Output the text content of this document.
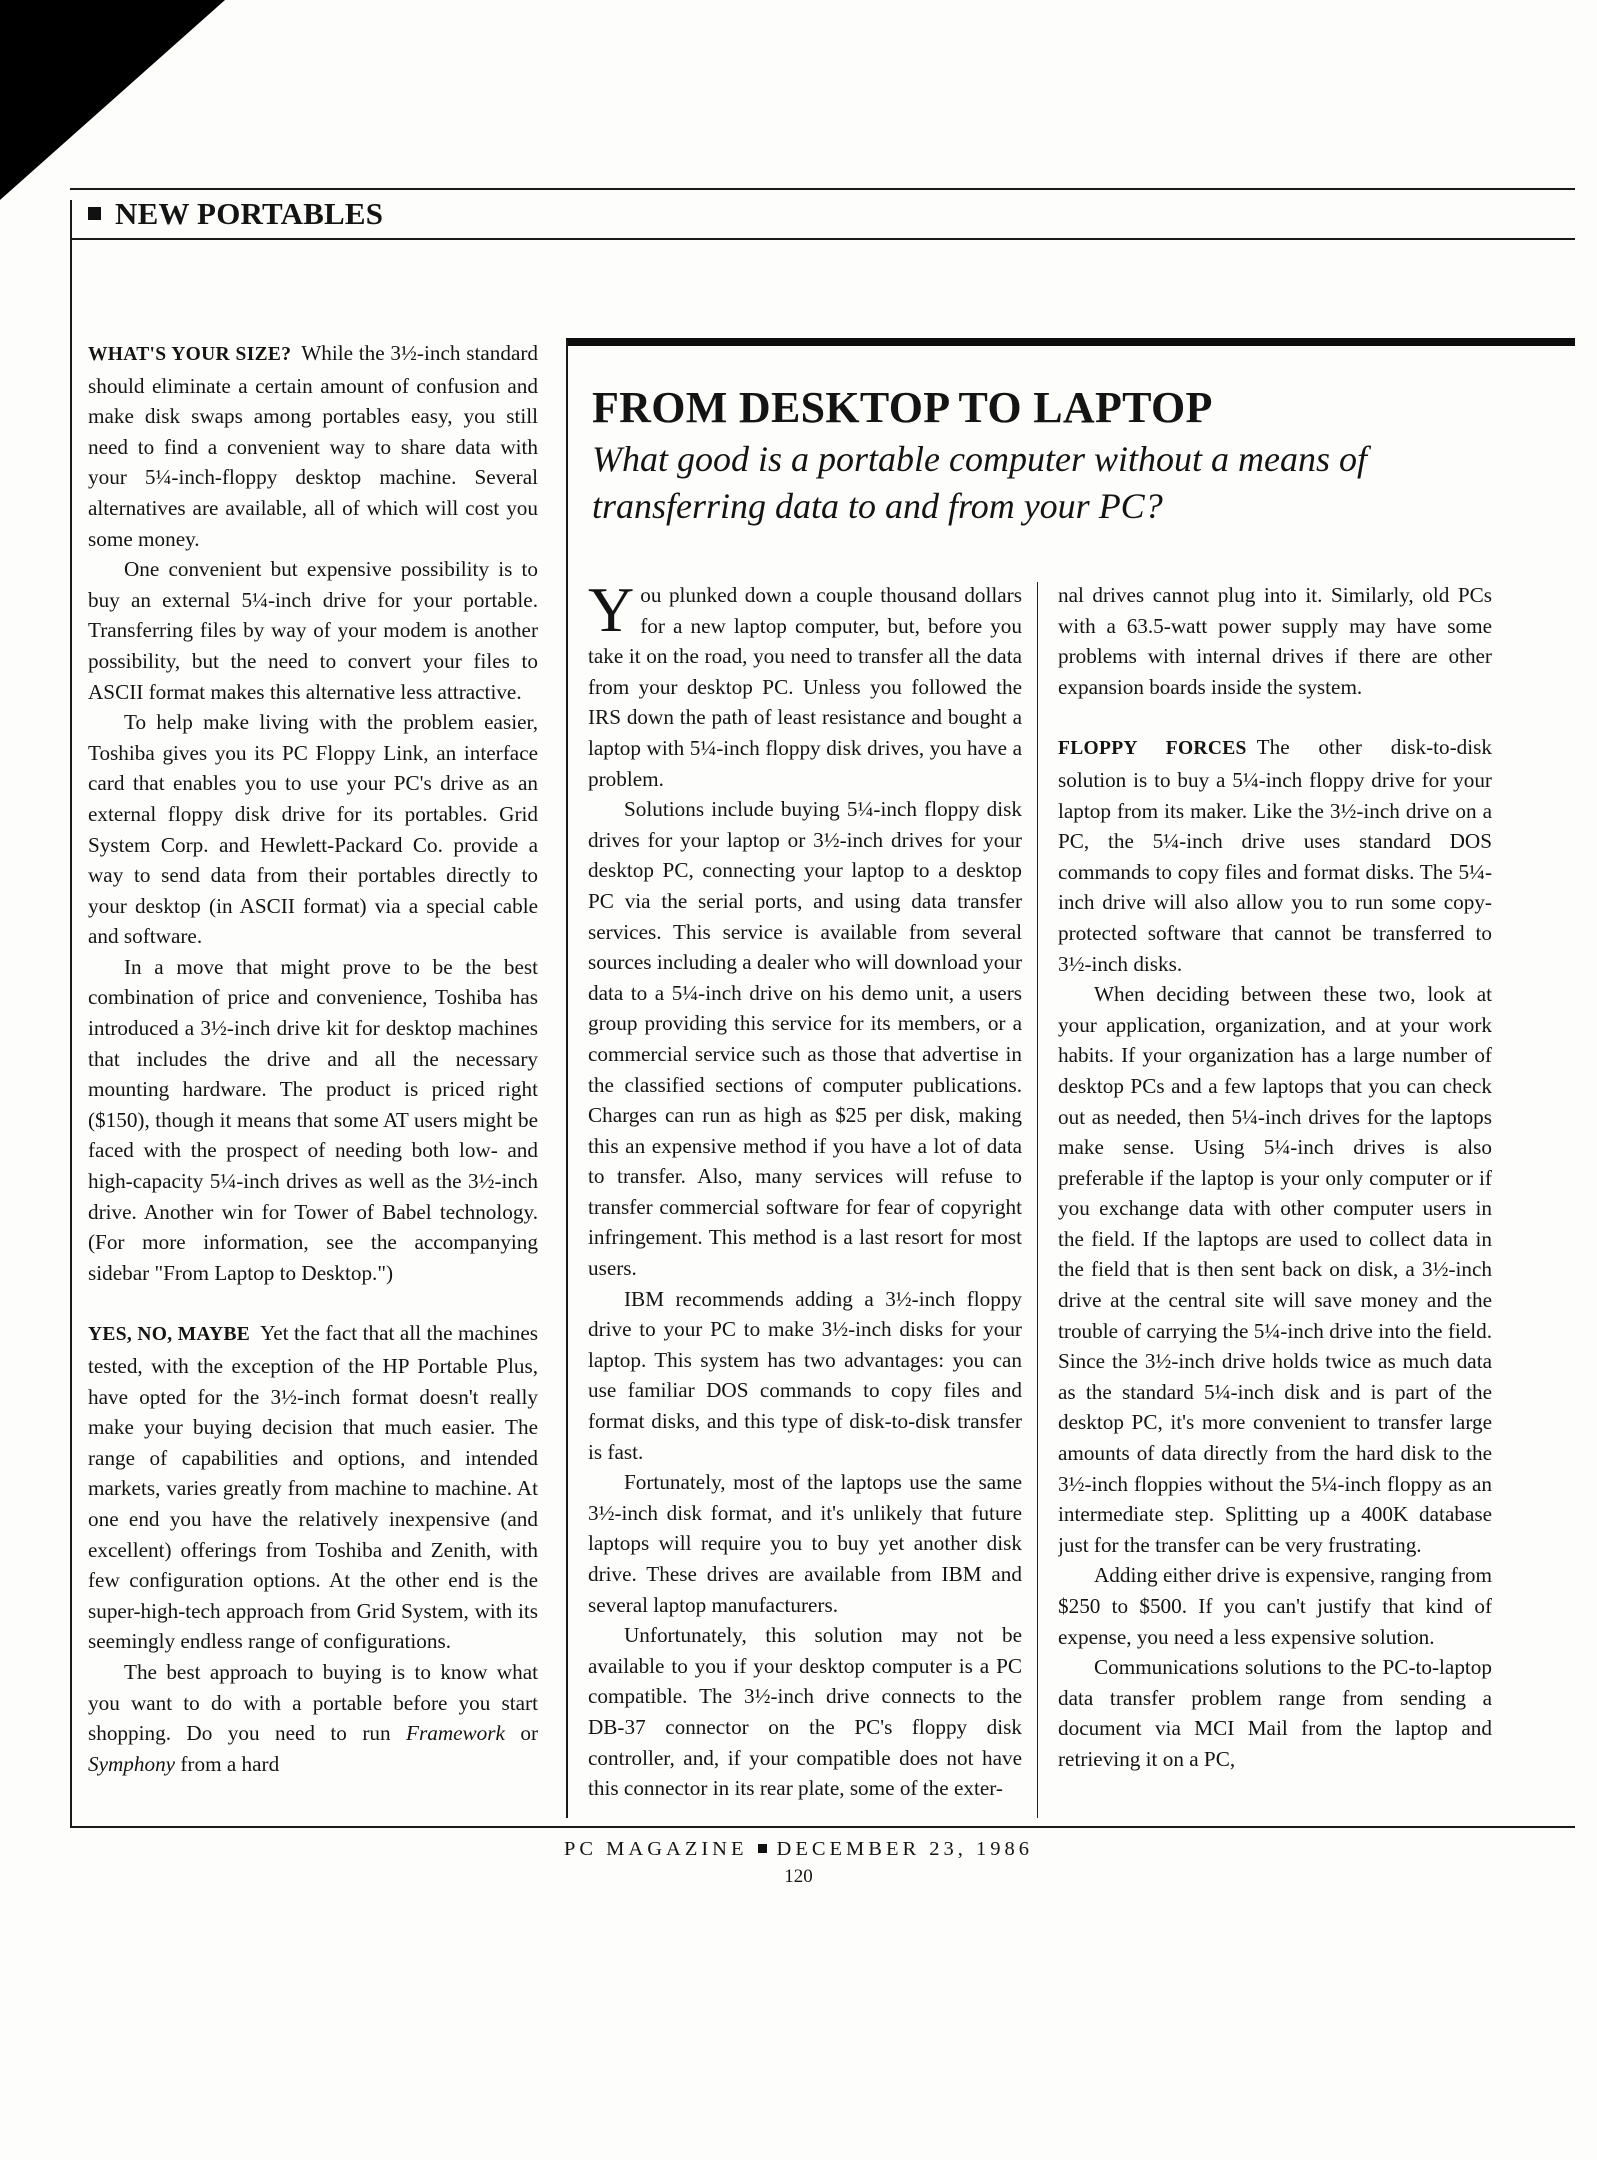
NEW PORTABLES

WHAT'S YOUR SIZE? While the 3½-inch standard should eliminate a certain amount of confusion and make disk swaps among portables easy, you still need to find a convenient way to share data with your 5¼-inch-floppy desktop machine. Several alternatives are available, all of which will cost you some money.

One convenient but expensive possibility is to buy an external 5¼-inch drive for your portable. Transferring files by way of your modem is another possibility, but the need to convert your files to ASCII format makes this alternative less attractive.

To help make living with the problem easier, Toshiba gives you its PC Floppy Link, an interface card that enables you to use your PC's drive as an external floppy disk drive for its portables. Grid System Corp. and Hewlett-Packard Co. provide a way to send data from their portables directly to your desktop (in ASCII format) via a special cable and software.

In a move that might prove to be the best combination of price and convenience, Toshiba has introduced a 3½-inch drive kit for desktop machines that includes the drive and all the necessary mounting hardware. The product is priced right ($150), though it means that some AT users might be faced with the prospect of needing both low- and high-capacity 5¼-inch drives as well as the 3½-inch drive. Another win for Tower of Babel technology. (For more information, see the accompanying sidebar "From Laptop to Desktop.")

YES, NO, MAYBE Yet the fact that all the machines tested, with the exception of the HP Portable Plus, have opted for the 3½-inch format doesn't really make your buying decision that much easier. The range of capabilities and options, and intended markets, varies greatly from machine to machine. At one end you have the relatively inexpensive (and excellent) offerings from Toshiba and Zenith, with few configuration options. At the other end is the super-high-tech approach from Grid System, with its seemingly endless range of configurations.

The best approach to buying is to know what you want to do with a portable before you start shopping. Do you need to run Framework or Symphony from a hard

FROM DESKTOP TO LAPTOP
What good is a portable computer without a means of transferring data to and from your PC?

You plunked down a couple thousand dollars for a new laptop computer, but, before you take it on the road, you need to transfer all the data from your desktop PC. Unless you followed the IRS down the path of least resistance and bought a laptop with 5¼-inch floppy disk drives, you have a problem.

Solutions include buying 5¼-inch floppy disk drives for your laptop or 3½-inch drives for your desktop PC, connecting your laptop to a desktop PC via the serial ports, and using data transfer services. This service is available from several sources including a dealer who will download your data to a 5¼-inch drive on his demo unit, a users group providing this service for its members, or a commercial service such as those that advertise in the classified sections of computer publications. Charges can run as high as $25 per disk, making this an expensive method if you have a lot of data to transfer. Also, many services will refuse to transfer commercial software for fear of copyright infringement. This method is a last resort for most users.

IBM recommends adding a 3½-inch floppy drive to your PC to make 3½-inch disks for your laptop. This system has two advantages: you can use familiar DOS commands to copy files and format disks, and this type of disk-to-disk transfer is fast.

Fortunately, most of the laptops use the same 3½-inch disk format, and it's unlikely that future laptops will require you to buy yet another disk drive. These drives are available from IBM and several laptop manufacturers.

Unfortunately, this solution may not be available to you if your desktop computer is a PC compatible. The 3½-inch drive connects to the DB-37 connector on the PC's floppy disk controller, and, if your compatible does not have this connector in its rear plate, some of the exter-

nal drives cannot plug into it. Similarly, old PCs with a 63.5-watt power supply may have some problems with internal drives if there are other expansion boards inside the system.

FLOPPY FORCES The other disk-to-disk solution is to buy a 5¼-inch floppy drive for your laptop from its maker. Like the 3½-inch drive on a PC, the 5¼-inch drive uses standard DOS commands to copy files and format disks. The 5¼-inch drive will also allow you to run some copy-protected software that cannot be transferred to 3½-inch disks.

When deciding between these two, look at your application, organization, and at your work habits. If your organization has a large number of desktop PCs and a few laptops that you can check out as needed, then 5¼-inch drives for the laptops make sense. Using 5¼-inch drives is also preferable if the laptop is your only computer or if you exchange data with other computer users in the field. If the laptops are used to collect data in the field that is then sent back on disk, a 3½-inch drive at the central site will save money and the trouble of carrying the 5¼-inch drive into the field. Since the 3½-inch drive holds twice as much data as the standard 5¼-inch disk and is part of the desktop PC, it's more convenient to transfer large amounts of data directly from the hard disk to the 3½-inch floppies without the 5¼-inch floppy as an intermediate step. Splitting up a 400K database just for the transfer can be very frustrating.

Adding either drive is expensive, ranging from $250 to $500. If you can't justify that kind of expense, you need a less expensive solution.

Communications solutions to the PC-to-laptop data transfer problem range from sending a document via MCI Mail from the laptop and retrieving it on a PC,

PC MAGAZINE DECEMBER 23, 1986
120
